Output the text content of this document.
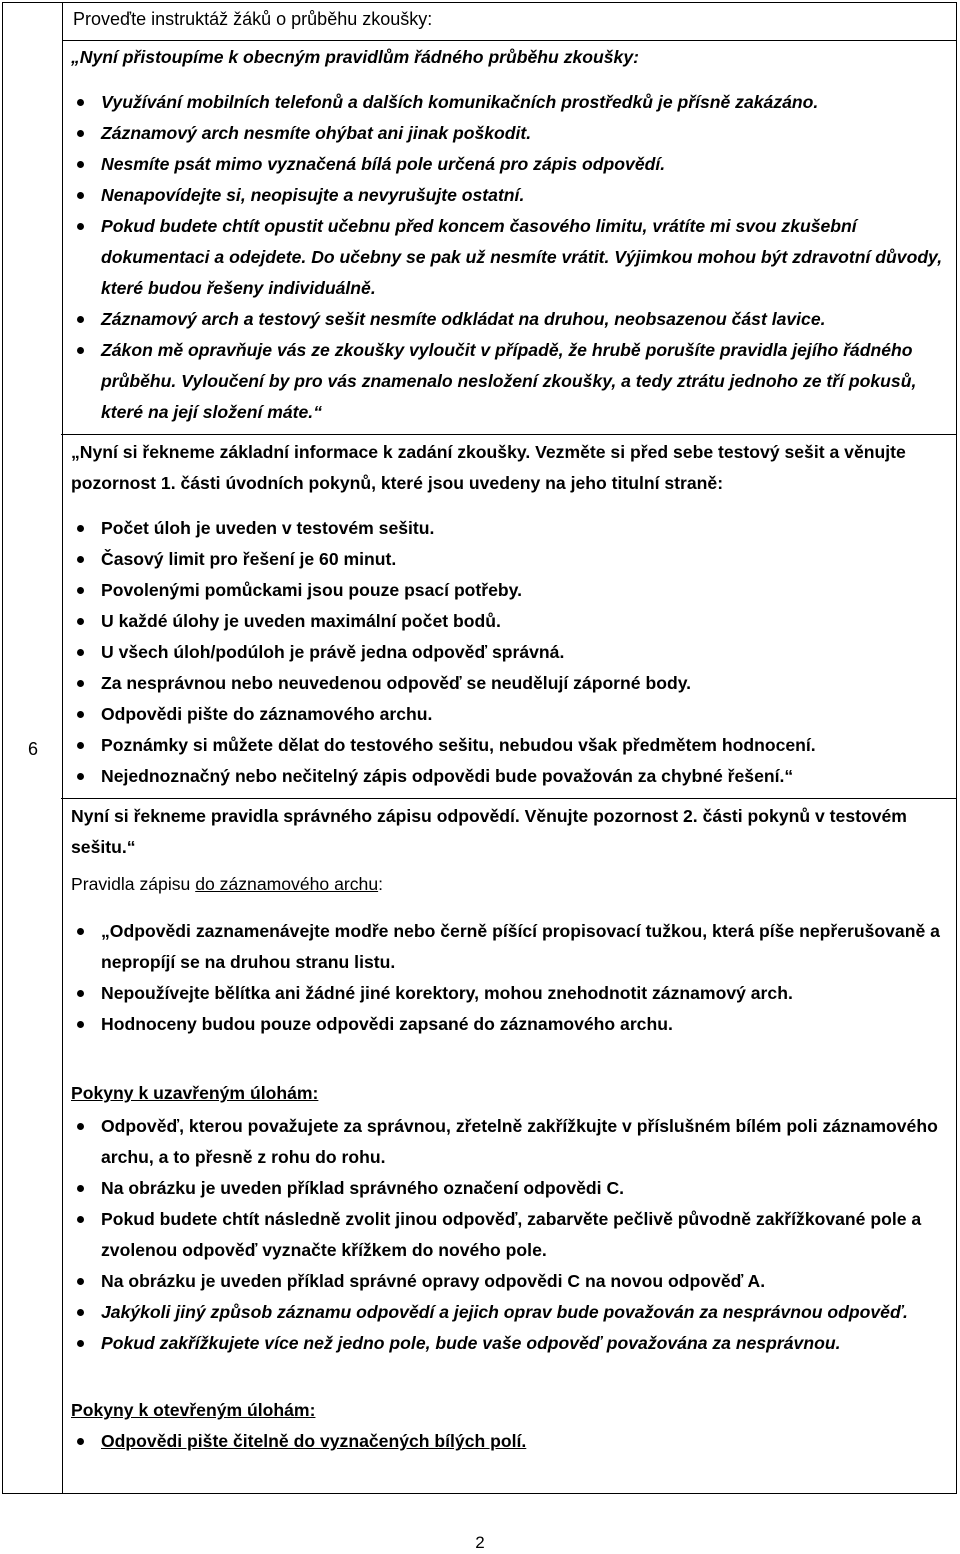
6
Proveďte instruktáž žáků o průběhu zkoušky:

„Nyní přistoupíme k obecným pravidlům řádného průběhu zkoušky:

Využívání mobilních telefonů a dalších komunikačních prostředků je přísně zakázáno.
Záznamový arch nesmíte ohýbat ani jinak poškodit.
Nesmíte psát mimo vyznačená bílá pole určená pro zápis odpovědí.
Nenapovídejte si, neopisujte a nevyrušujte ostatní.
Pokud budete chtít opustit učebnu před koncem časového limitu, vrátíte mi svou zkušební dokumentaci a odejdete. Do učebny se pak už nesmíte vrátit. Výjimkou mohou být zdravotní důvody, které budou řešeny individuálně.
Záznamový arch a testový sešit nesmíte odkládat na druhou, neobsazenou část lavice.
Zákon mě opravňuje vás ze zkoušky vyloučit v případě, že hrubě porušíte pravidla jejího řádného průběhu. Vyloučení by pro vás znamenalo nesložení zkoušky, a tedy ztrátu jednoho ze tří pokusů, které na její složení máte.“

„Nyní si řekneme základní informace k zadání zkoušky. Vezměte si před sebe testový sešit a věnujte pozornost 1. části úvodních pokynů, které jsou uvedeny na jeho titulní straně:

Počet úloh je uveden v testovém sešitu.
Časový limit pro řešení je 60 minut.
Povolenými pomůckami jsou pouze psací potřeby.
U každé úlohy je uveden maximální počet bodů.
U všech úloh/podúloh je právě jedna odpověď správná.
Za nesprávnou nebo neuvedenou odpověď se neudělují záporné body.
Odpovědi pište do záznamového archu.
Poznámky si můžete dělat do testového sešitu, nebudou však předmětem hodnocení.
Nejednoznačný nebo nečitelný zápis odpovědi bude považován za chybné řešení.“

Nyní si řekneme pravidla správného zápisu odpovědí. Věnujte pozornost 2. části pokynů v testovém sešitu.“

Pravidla zápisu do záznamového archu:

„Odpovědi zaznamenávejte modře nebo černě píšící propisovací tužkou, která píše nepřerušovaně a nepropíjí se na druhou stranu listu.
Nepoužívejte bělítka ani žádné jiné korektory, mohou znehodnotit záznamový arch.
Hodnoceny budou pouze odpovědi zapsané do záznamového archu.

Pokyny k uzavřeným úlohám:

Odpověď, kterou považujete za správnou, zřetelně zakřížkujte v příslušném bílém poli záznamového archu, a to přesně z rohu do rohu.
Na obrázku je uveden příklad správného označení odpovědi C.
Pokud budete chtít následně zvolit jinou odpověď, zabarvěte pečlivě původně zakřížkované pole a zvolenou odpověď vyznačte křížkem do nového pole.
Na obrázku je uveden příklad správné opravy odpovědi C na novou odpověď A.
Jakýkoli jiný způsob záznamu odpovědí a jejich oprav bude považován za nesprávnou odpověď.
Pokud zakřížkujete více než jedno pole, bude vaše odpověď považována za nesprávnou.

Pokyny k otevřeným úlohám:

Odpovědi pište čitelně do vyznačených bílých polí.
2
